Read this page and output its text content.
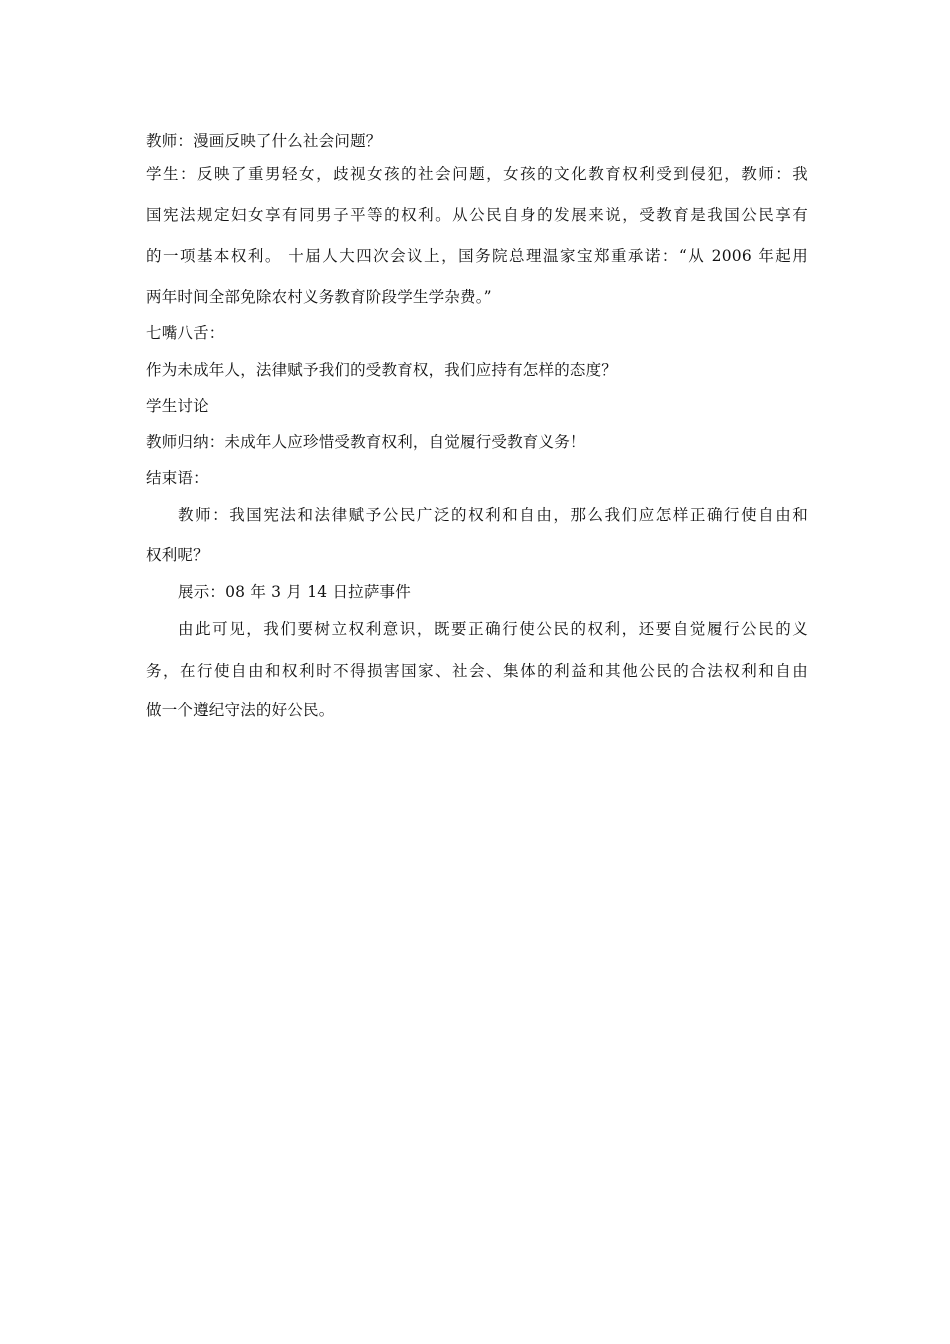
教师：漫画反映了什么社会问题？
学生：反映了重男轻女，歧视女孩的社会问题，女孩的文化教育权利受到侵犯，教师：我
国宪法规定妇女享有同男子平等的权利。从公民自身的发展来说，受教育是我国公民享有
的一项基本权利。 十届人大四次会议上，国务院总理温家宝郑重承诺：“从 2006 年起用
两年时间全部免除农村义务教育阶段学生学杂费。”
七嘴八舌：
作为未成年人，法律赋予我们的受教育权，我们应持有怎样的态度？
学生讨论
教师归纳：未成年人应珍惜受教育权利，自觉履行受教育义务！
结束语：
教师：我国宪法和法律赋予公民广泛的权利和自由，那么我们应怎样正确行使自由和
权利呢？
展示：08 年 3 月 14 日拉萨事件
由此可见，我们要树立权利意识，既要正确行使公民的权利，还要自觉履行公民的义
务，在行使自由和权利时不得损害国家、社会、集体的利益和其他公民的合法权利和自由
做一个遵纪守法的好公民。
